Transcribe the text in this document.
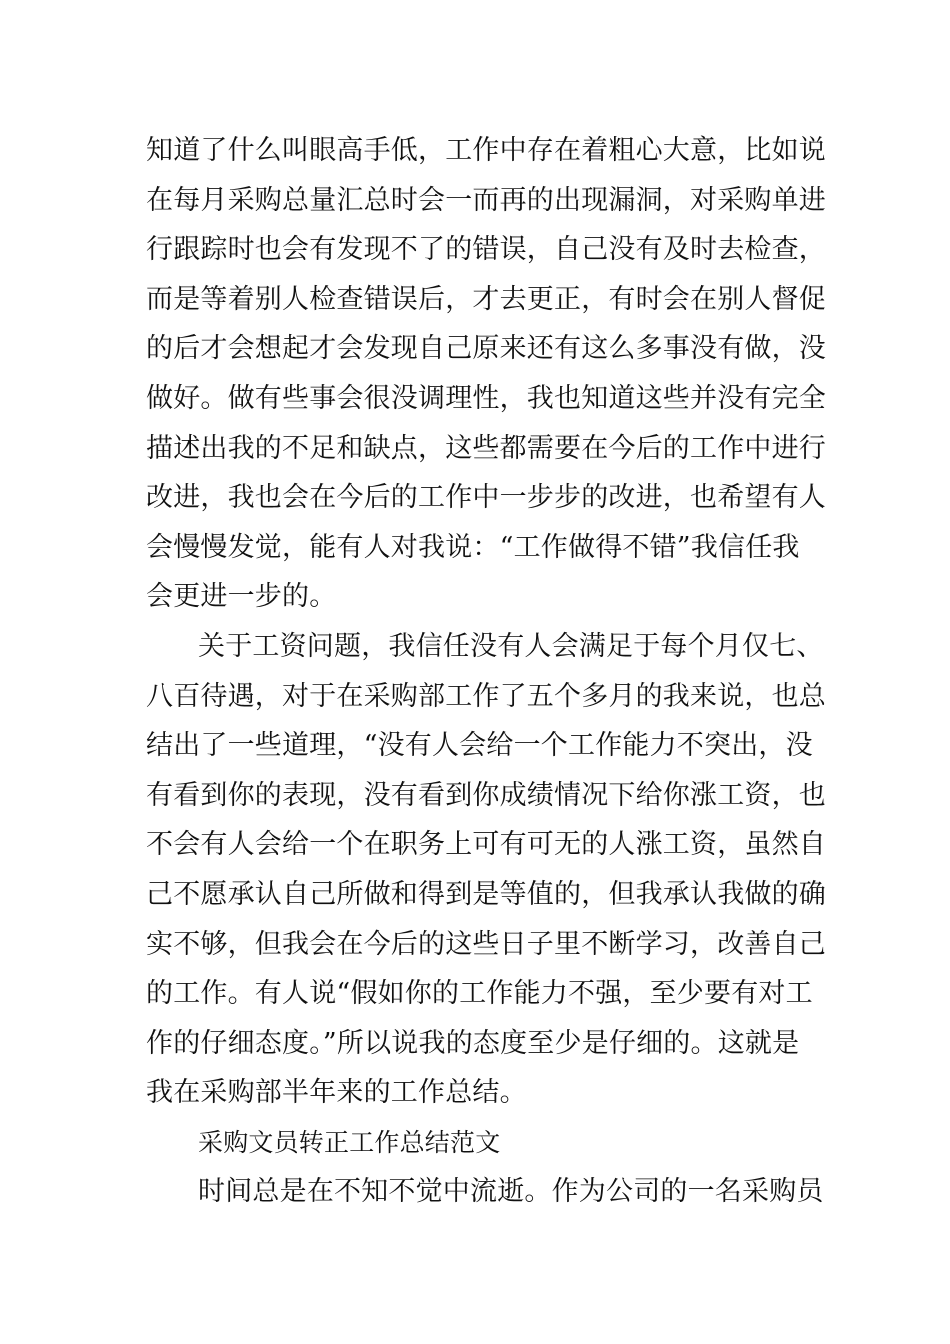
知道了什么叫眼高手低，工作中存在着粗心大意，比如说
在每月采购总量汇总时会一而再的出现漏洞，对采购单进
行跟踪时也会有发现不了的错误，自己没有及时去检查，
而是等着别人检查错误后，才去更正，有时会在别人督促
的后才会想起才会发现自己原来还有这么多事没有做，没
做好。做有些事会很没调理性，我也知道这些并没有完全
描述出我的不足和缺点，这些都需要在今后的工作中进行
改进，我也会在今后的工作中一步步的改进，也希望有人
会慢慢发觉，能有人对我说：“工作做得不错”我信任我
会更进一步的。
关于工资问题，我信任没有人会满足于每个月仅七、
八百待遇，对于在采购部工作了五个多月的我来说，也总
结出了一些道理，“没有人会给一个工作能力不突出，没
有看到你的表现，没有看到你成绩情况下给你涨工资，也
不会有人会给一个在职务上可有可无的人涨工资，虽然自
己不愿承认自己所做和得到是等值的，但我承认我做的确
实不够，但我会在今后的这些日子里不断学习，改善自己
的工作。有人说“假如你的工作能力不强，至少要有对工
作的仔细态度。”所以说我的态度至少是仔细的。这就是
我在采购部半年来的工作总结。
采购文员转正工作总结范文
时间总是在不知不觉中流逝。作为公司的一名采购员
